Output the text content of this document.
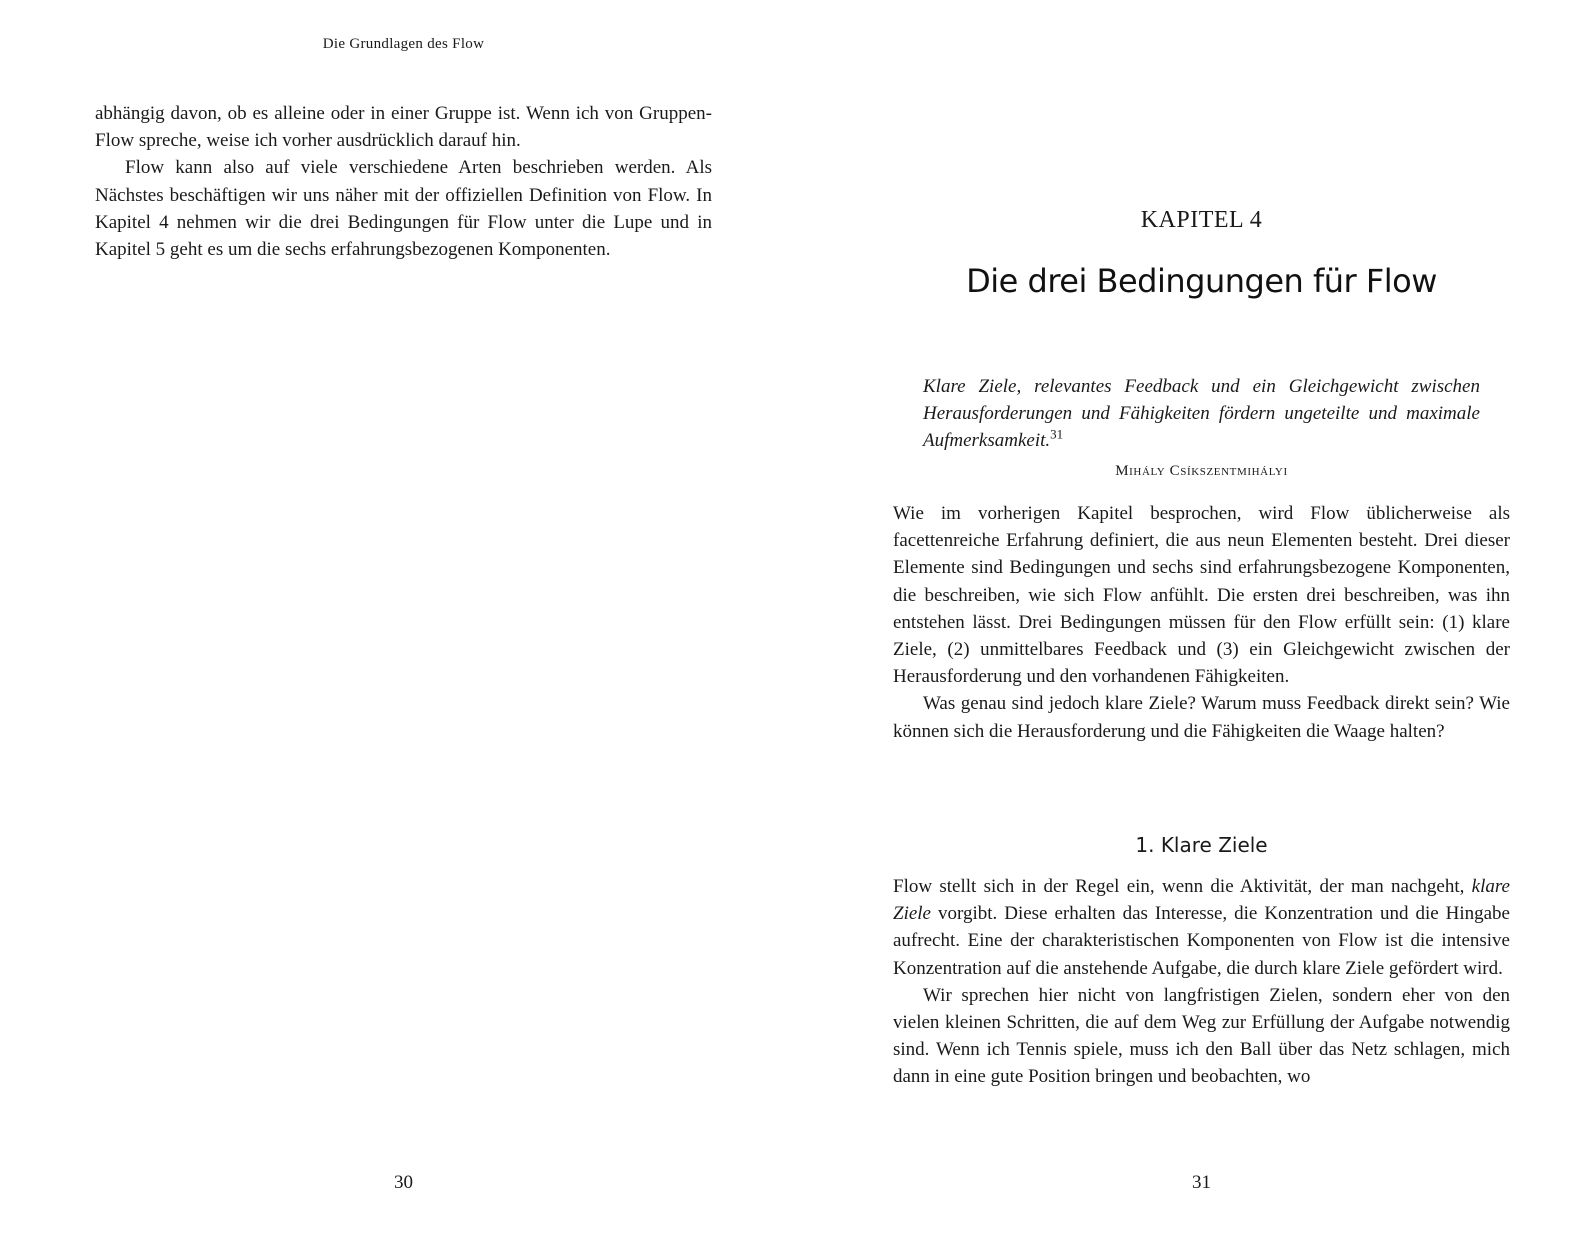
Die Grundlagen des Flow

abhängig davon, ob es alleine oder in einer Gruppe ist. Wenn ich von Gruppen-Flow spreche, weise ich vorher ausdrücklich darauf hin.

Flow kann also auf viele verschiedene Arten beschrieben werden. Als Nächstes beschäftigen wir uns näher mit der offiziellen Definition von Flow. In Kapitel 4 nehmen wir die drei Bedingungen für Flow unter die Lupe und in Kapitel 5 geht es um die sechs erfahrungsbezogenen Komponenten.

30
KAPITEL 4
Die drei Bedingungen für Flow
Klare Ziele, relevantes Feedback und ein Gleichgewicht zwischen Herausforderungen und Fähigkeiten fördern ungeteilte und maximale Aufmerksamkeit.$^{31}$
Mihály Csíkszentmihályi

Wie im vorherigen Kapitel besprochen, wird Flow üblicherweise als facettenreiche Erfahrung definiert, die aus neun Elementen besteht. Drei dieser Elemente sind Bedingungen und sechs sind erfahrungsbezogene Komponenten, die beschreiben, wie sich Flow anfühlt. Die ersten drei beschreiben, was ihn entstehen lässt. Drei Bedingungen müssen für den Flow erfüllt sein: (1) klare Ziele, (2) unmittelbares Feedback und (3) ein Gleichgewicht zwischen der Herausforderung und den vorhandenen Fähigkeiten.

Was genau sind jedoch klare Ziele? Warum muss Feedback direkt sein? Wie können sich die Herausforderung und die Fähigkeiten die Waage halten?

1. Klare Ziele

Flow stellt sich in der Regel ein, wenn die Aktivität, der man nachgeht, klare Ziele vorgibt. Diese erhalten das Interesse, die Konzentration und die Hingabe aufrecht. Eine der charakteristischen Komponenten von Flow ist die intensive Konzentration auf die anstehende Aufgabe, die durch klare Ziele gefördert wird.

Wir sprechen hier nicht von langfristigen Zielen, sondern eher von den vielen kleinen Schritten, die auf dem Weg zur Erfüllung der Aufgabe notwendig sind. Wenn ich Tennis spiele, muss ich den Ball über das Netz schlagen, mich dann in eine gute Position bringen und beobachten, wo

31
